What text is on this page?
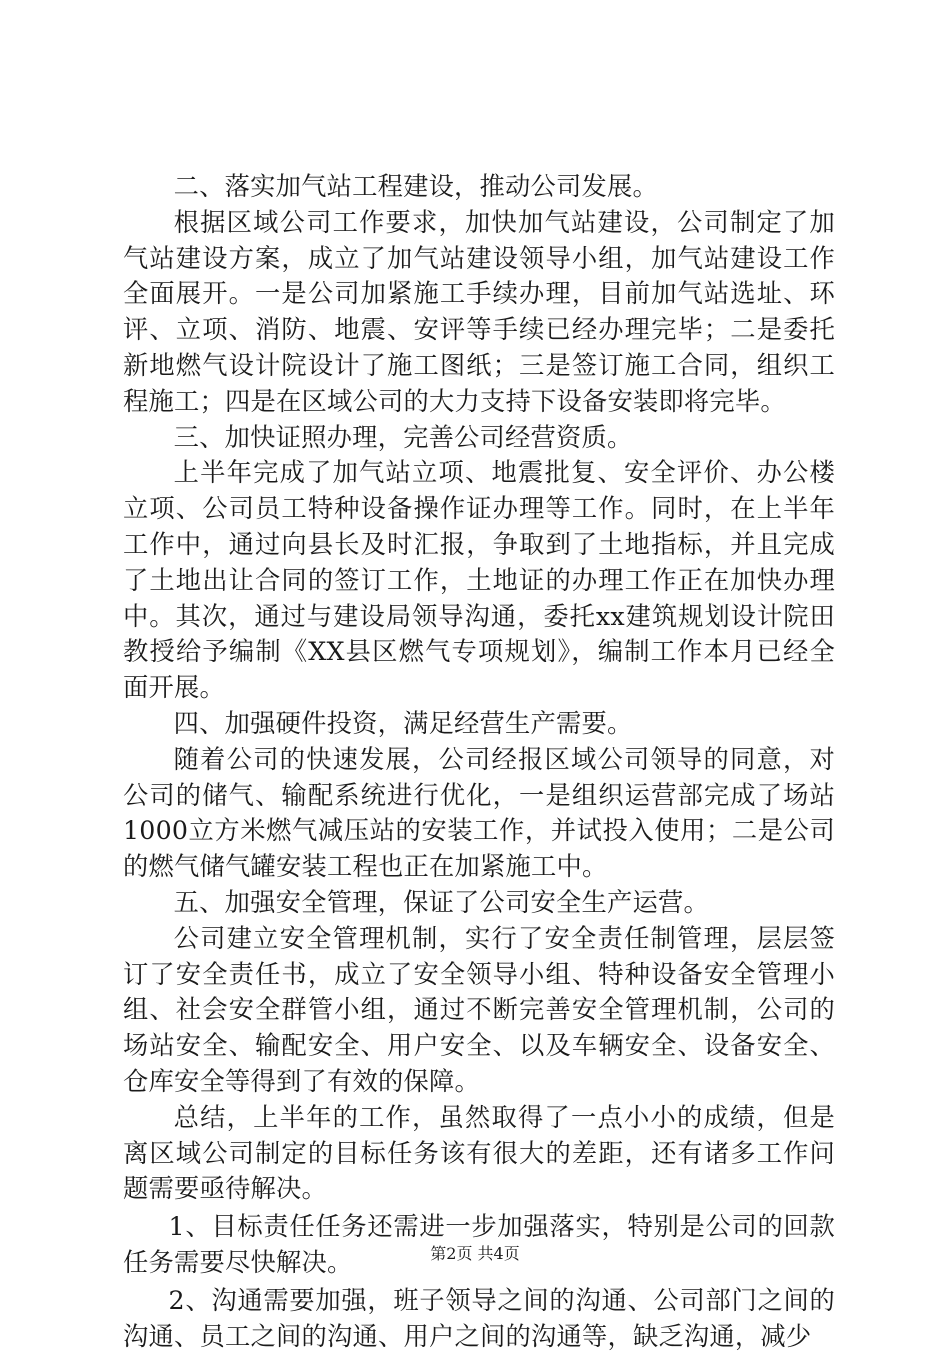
二、落实加气站工程建设，推动公司发展。

根据区域公司工作要求，加快加气站建设，公司制定了加气站建设方案，成立了加气站建设领导小组，加气站建设工作全面展开。一是公司加紧施工手续办理，目前加气站选址、环评、立项、消防、地震、安评等手续已经办理完毕；二是委托新地燃气设计院设计了施工图纸；三是签订施工合同，组织工程施工；四是在区域公司的大力支持下设备安装即将完毕。

三、加快证照办理，完善公司经营资质。

上半年完成了加气站立项、地震批复、安全评价、办公楼立项、公司员工特种设备操作证办理等工作。同时，在上半年工作中，通过向县长及时汇报，争取到了土地指标，并且完成了土地出让合同的签订工作，土地证的办理工作正在加快办理中。其次，通过与建设局领导沟通，委托xx建筑规划设计院田教授给予编制《XX县区燃气专项规划》，编制工作本月已经全面开展。

四、加强硬件投资，满足经营生产需要。

随着公司的快速发展，公司经报区域公司领导的同意，对公司的储气、输配系统进行优化，一是组织运营部完成了场站1000立方米燃气减压站的安装工作，并试投入使用；二是公司的燃气储气罐安装工程也正在加紧施工中。

五、加强安全管理，保证了公司安全生产运营。

公司建立安全管理机制，实行了安全责任制管理，层层签订了安全责任书，成立了安全领导小组、特种设备安全管理小组、社会安全群管小组，通过不断完善安全管理机制，公司的场站安全、输配安全、用户安全、以及车辆安全、设备安全、仓库安全等得到了有效的保障。

总结，上半年的工作，虽然取得了一点小小的成绩，但是离区域公司制定的目标任务该有很大的差距，还有诸多工作问题需要亟待解决。

1、目标责任任务还需进一步加强落实，特别是公司的回款任务需要尽快解决。

2、沟通需要加强，班子领导之间的沟通、公司部门之间的沟通、员工之间的沟通、用户之间的沟通等，缺乏沟通，减少

第2页 共4页
